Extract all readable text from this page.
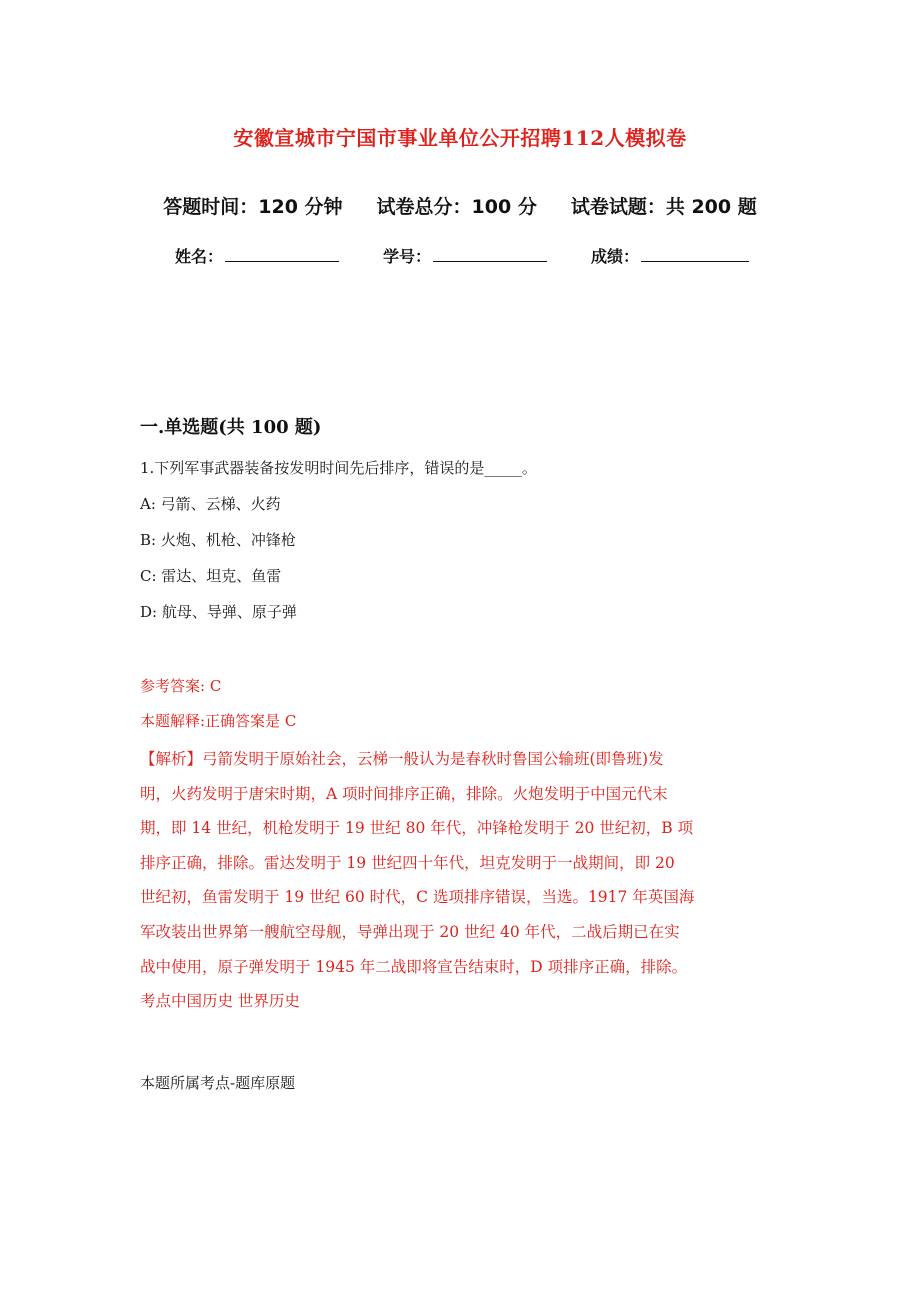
安徽宣城市宁国市事业单位公开招聘112人模拟卷
答题时间：120 分钟 试卷总分：100 分 试卷试题：共 200 题
姓名：	学号：	成绩：
一.单选题(共 100 题)
1.下列军事武器装备按发明时间先后排序，错误的是_____。
A: 弓箭、云梯、火药
B: 火炮、机枪、冲锋枪
C: 雷达、坦克、鱼雷
D: 航母、导弹、原子弹
参考答案: C
本题解释:正确答案是 C
【解析】弓箭发明于原始社会，云梯一般认为是春秋时鲁国公输班(即鲁班)发
明，火药发明于唐宋时期，A 项时间排序正确，排除。火炮发明于中国元代末
期，即 14 世纪，机枪发明于 19 世纪 80 年代，冲锋枪发明于 20 世纪初，B 项
排序正确，排除。雷达发明于 19 世纪四十年代，坦克发明于一战期间，即 20
世纪初，鱼雷发明于 19 世纪 60 时代，C 选项排序错误，当选。1917 年英国海
军改装出世界第一艘航空母舰，导弹出现于 20 世纪 40 年代，二战后期已在实
战中使用，原子弹发明于 1945 年二战即将宣告结束时，D 项排序正确，排除。
考点中国历史 世界历史
本题所属考点-题库原题
